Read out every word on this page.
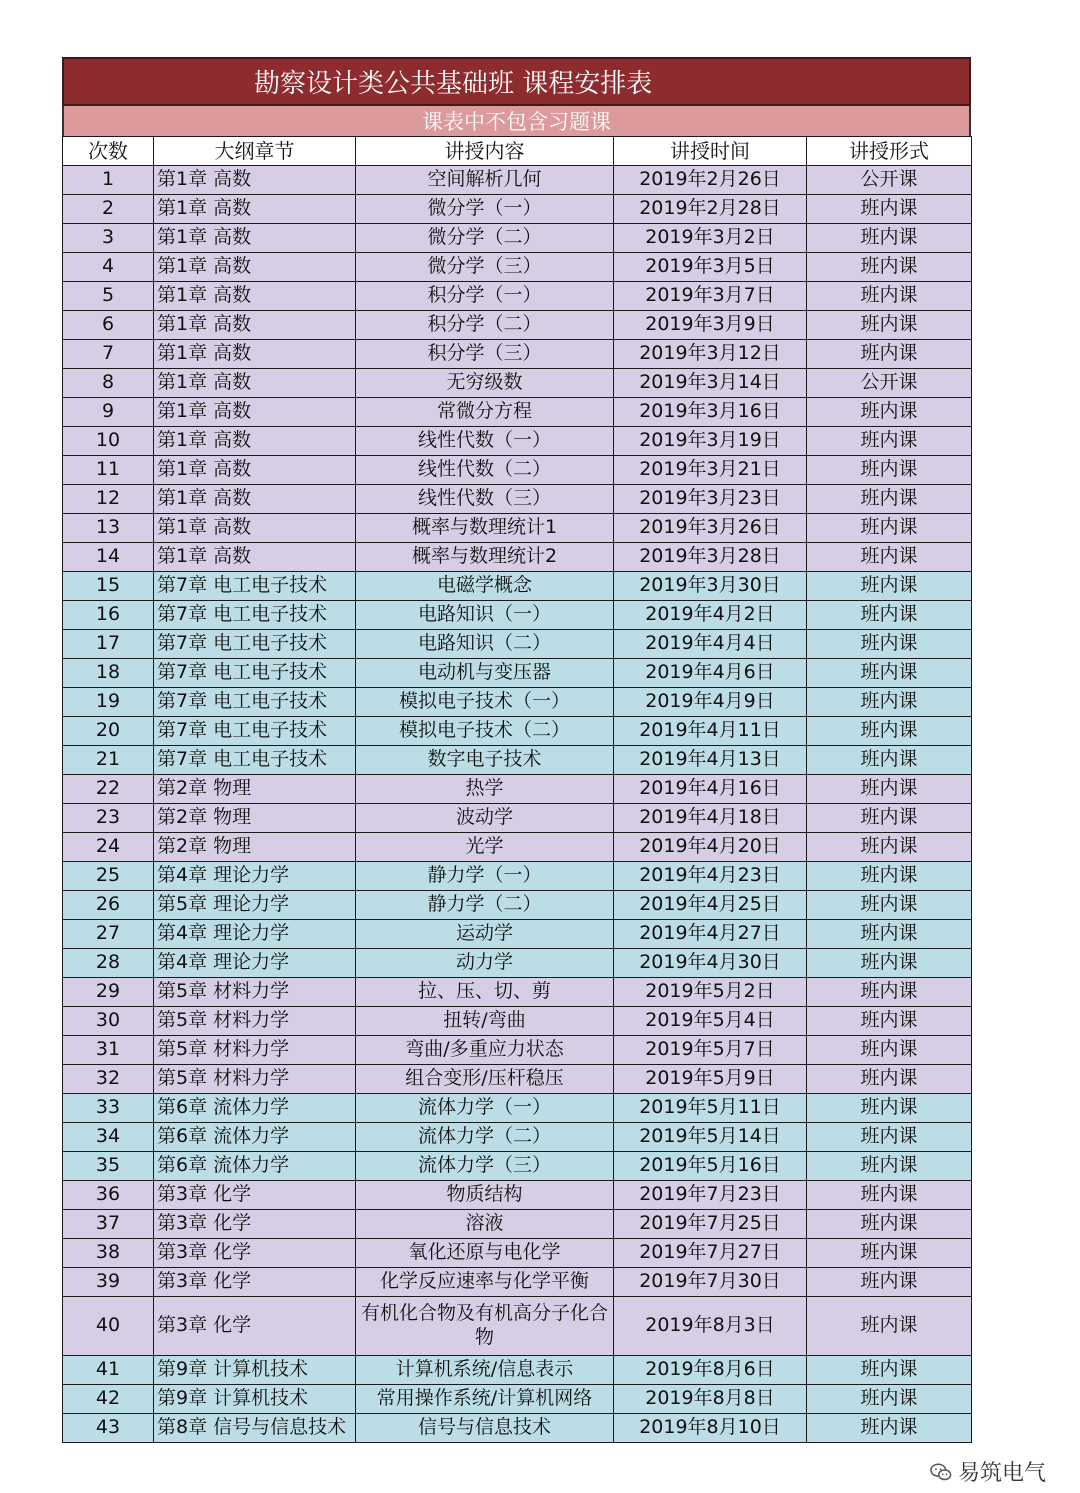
勘察设计类公共基础班 课程安排表
课表中不包含习题课
次数	大纲章节	讲授内容	讲授时间	讲授形式
1	第1章 高数	空间解析几何	2019年2月26日	公开课
2	第1章 高数	微分学（一）	2019年2月28日	班内课
3	第1章 高数	微分学（二）	2019年3月2日	班内课
4	第1章 高数	微分学（三）	2019年3月5日	班内课
5	第1章 高数	积分学（一）	2019年3月7日	班内课
6	第1章 高数	积分学（二）	2019年3月9日	班内课
7	第1章 高数	积分学（三）	2019年3月12日	班内课
8	第1章 高数	无穷级数	2019年3月14日	公开课
9	第1章 高数	常微分方程	2019年3月16日	班内课
10	第1章 高数	线性代数（一）	2019年3月19日	班内课
11	第1章 高数	线性代数（二）	2019年3月21日	班内课
12	第1章 高数	线性代数（三）	2019年3月23日	班内课
13	第1章 高数	概率与数理统计1	2019年3月26日	班内课
14	第1章 高数	概率与数理统计2	2019年3月28日	班内课
15	第7章 电工电子技术	电磁学概念	2019年3月30日	班内课
16	第7章 电工电子技术	电路知识（一）	2019年4月2日	班内课
17	第7章 电工电子技术	电路知识（二）	2019年4月4日	班内课
18	第7章 电工电子技术	电动机与变压器	2019年4月6日	班内课
19	第7章 电工电子技术	模拟电子技术（一）	2019年4月9日	班内课
20	第7章 电工电子技术	模拟电子技术（二）	2019年4月11日	班内课
21	第7章 电工电子技术	数字电子技术	2019年4月13日	班内课
22	第2章 物理	热学	2019年4月16日	班内课
23	第2章 物理	波动学	2019年4月18日	班内课
24	第2章 物理	光学	2019年4月20日	班内课
25	第4章 理论力学	静力学（一）	2019年4月23日	班内课
26	第5章 理论力学	静力学（二）	2019年4月25日	班内课
27	第4章 理论力学	运动学	2019年4月27日	班内课
28	第4章 理论力学	动力学	2019年4月30日	班内课
29	第5章 材料力学	拉、压、切、剪	2019年5月2日	班内课
30	第5章 材料力学	扭转/弯曲	2019年5月4日	班内课
31	第5章 材料力学	弯曲/多重应力状态	2019年5月7日	班内课
32	第5章 材料力学	组合变形/压杆稳压	2019年5月9日	班内课
33	第6章 流体力学	流体力学（一）	2019年5月11日	班内课
34	第6章 流体力学	流体力学（二）	2019年5月14日	班内课
35	第6章 流体力学	流体力学（三）	2019年5月16日	班内课
36	第3章 化学	物质结构	2019年7月23日	班内课
37	第3章 化学	溶液	2019年7月25日	班内课
38	第3章 化学	氧化还原与电化学	2019年7月27日	班内课
39	第3章 化学	化学反应速率与化学平衡	2019年7月30日	班内课
40	第3章 化学	有机化合物及有机高分子化合物	2019年8月3日	班内课
41	第9章 计算机技术	计算机系统/信息表示	2019年8月6日	班内课
42	第9章 计算机技术	常用操作系统/计算机网络	2019年8月8日	班内课
43	第8章 信号与信息技术	信号与信息技术	2019年8月10日	班内课
易筑电气
